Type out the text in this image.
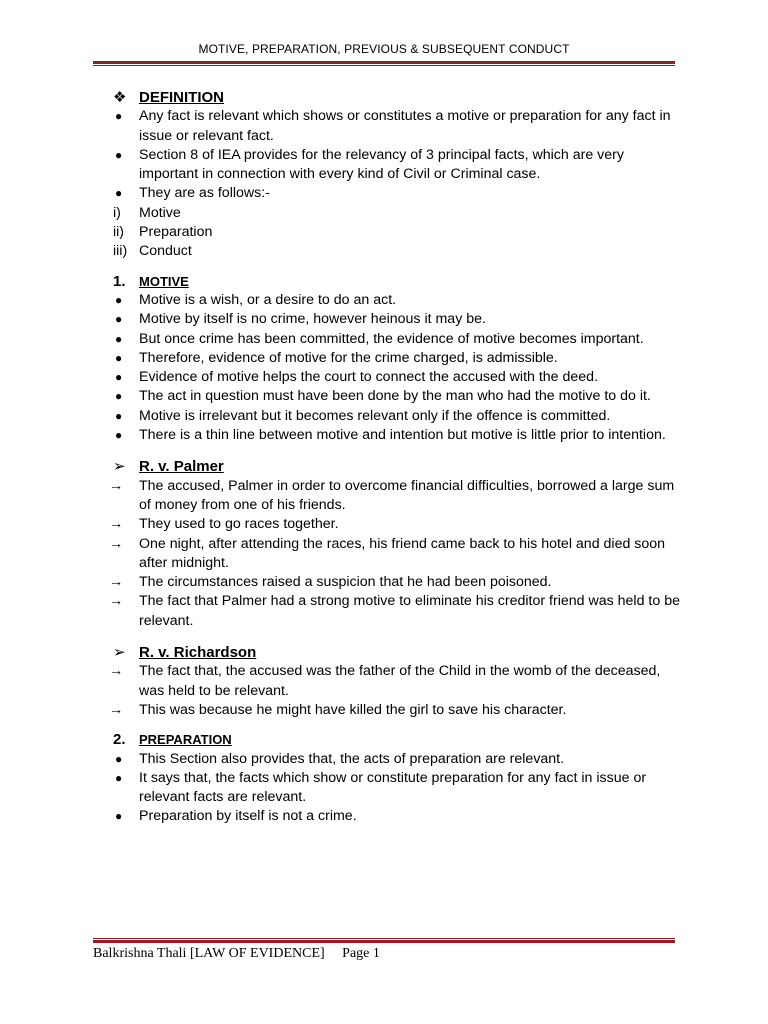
MOTIVE, PREPARATION, PREVIOUS & SUBSEQUENT CONDUCT
❖ DEFINITION
●	Any fact is relevant which shows or constitutes a motive or preparation for any fact in issue or relevant fact.
●	Section 8 of IEA provides for the relevancy of 3 principal facts, which are very important in connection with every kind of Civil or Criminal case.
●	They are as follows:-
i)	Motive
ii)	Preparation
iii) Conduct
1.	MOTIVE
●	Motive is a wish, or a desire to do an act.
●	Motive by itself is no crime, however heinous it may be.
●	But once crime has been committed, the evidence of motive becomes important.
●	Therefore, evidence of motive for the crime charged, is admissible.
●	Evidence of motive helps the court to connect the accused with the deed.
●	The act in question must have been done by the man who had the motive to do it.
●	Motive is irrelevant but it becomes relevant only if the offence is committed.
●	There is a thin line between motive and intention but motive is little prior to intention.
➢ R. v. Palmer
→	The accused, Palmer in order to overcome financial difficulties, borrowed a large sum of money from one of his friends.
→	They used to go races together.
→	One night, after attending the races, his friend came back to his hotel and died soon after midnight.
→	The circumstances raised a suspicion that he had been poisoned.
→	The fact that Palmer had a strong motive to eliminate his creditor friend was held to be relevant.
➢ R. v. Richardson
→	The fact that, the accused was the father of the Child in the womb of the deceased, was held to be relevant.
→	This was because he might have killed the girl to save his character.
2.	PREPARATION
●	This Section also provides that, the acts of preparation are relevant.
●	It says that, the facts which show or constitute preparation for any fact in issue or relevant facts are relevant.
●	Preparation by itself is not a crime.
Balkrishna Thali [LAW OF EVIDENCE] Page 1
